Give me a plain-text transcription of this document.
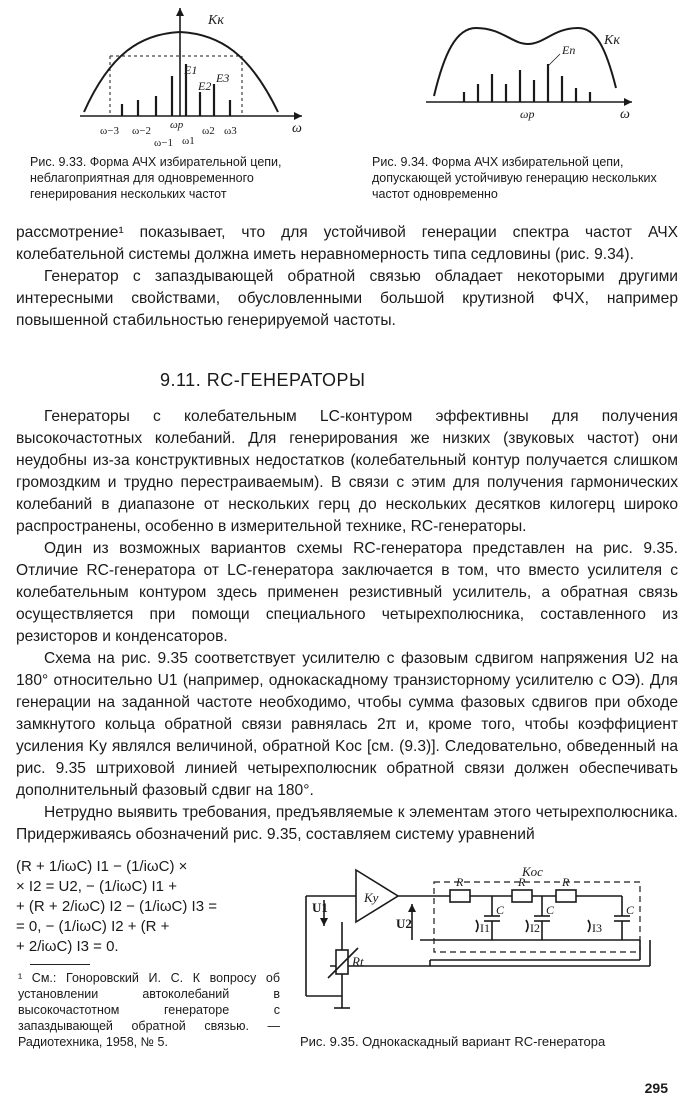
Kк
E1
E3
E2
ω−3 ω−2
ω−1
ωp
ω1
ω2 ω3	ω
Рис. 9.33. Форма АЧХ избирательной цепи, неблагоприятная для одновременного генерирования нескольких частот
Kк
Eп
ωp	ω
Рис. 9.34. Форма АЧХ избирательной цепи, допускающей устойчивую генерацию нескольких частот одновременно

рассмотрение¹ показывает, что для устойчивой генерации спектра частот АЧХ колебательной системы должна иметь неравномерность типа седловины (рис. 9.34).

Генератор с запаздывающей обратной связью обладает некоторыми другими интересными свойствами, обусловленными большой крутизной ФЧХ, например повышенной стабильностью генерируемой частоты.

9.11. RC-ГЕНЕРАТОРЫ

Генераторы с колебательным LC-контуром эффективны для получения высокочастотных колебаний. Для генерирования же низких (звуковых частот) они неудобны из-за конструктивных недостатков (колебательный контур получается слишком громоздким и трудно перестраиваемым). В связи с этим для получения гармонических колебаний в диапазоне от нескольких герц до нескольких десятков килогерц широко распространены, особенно в измерительной технике, RC-генераторы.

Один из возможных вариантов схемы RC-генератора представлен на рис. 9.35. Отличие RC-генератора от LC-генератора заключается в том, что вместо усилителя с колебательным контуром здесь применен резистивный усилитель, а обратная связь осуществляется при помощи специального четырехполюсника, составленного из резисторов и конденсаторов.

Схема на рис. 9.35 соответствует усилителю с фазовым сдвигом напряжения U2 на 180° относительно U1 (например, однокаскадному транзисторному усилителю с ОЭ). Для генерации на заданной частоте необходимо, чтобы сумма фазовых сдвигов при обходе замкнутого кольца обратной связи равнялась 2π и, кроме того, чтобы коэффициент усиления Ky являлся величиной, обратной Koc [см. (9.3)]. Следовательно, обведенный на рис. 9.35 штриховой линией четырехполюсник обратной связи должен обеспечивать дополнительный фазовый сдвиг на 180°.

Нетрудно выявить требования, предъявляемые к элементам этого четырехполюсника. Придерживаясь обозначений рис. 9.35, составляем систему уравнений

(R + 1/iωC) I1 − (1/iωC) ×
× I2 = U2, − (1/iωC) I1 +
+ (R + 2/iωC) I2 − (1/iωC) I3 =
= 0, − (1/iωC) I2 + (R +
+ 2/iωC) I3 = 0.
¹ См.: Гоноровский И. С. К вопросу об установлении автоколебаний в высокочастотном генераторе с запаздывающей обратной связью. — Радиотехника, 1958, № 5.
Kос
Ky
U1
U2
Rt
R	R	R
C	C	C
I1	I2	I3
Рис. 9.35. Однокаскадный вариант RC-генератора
295
